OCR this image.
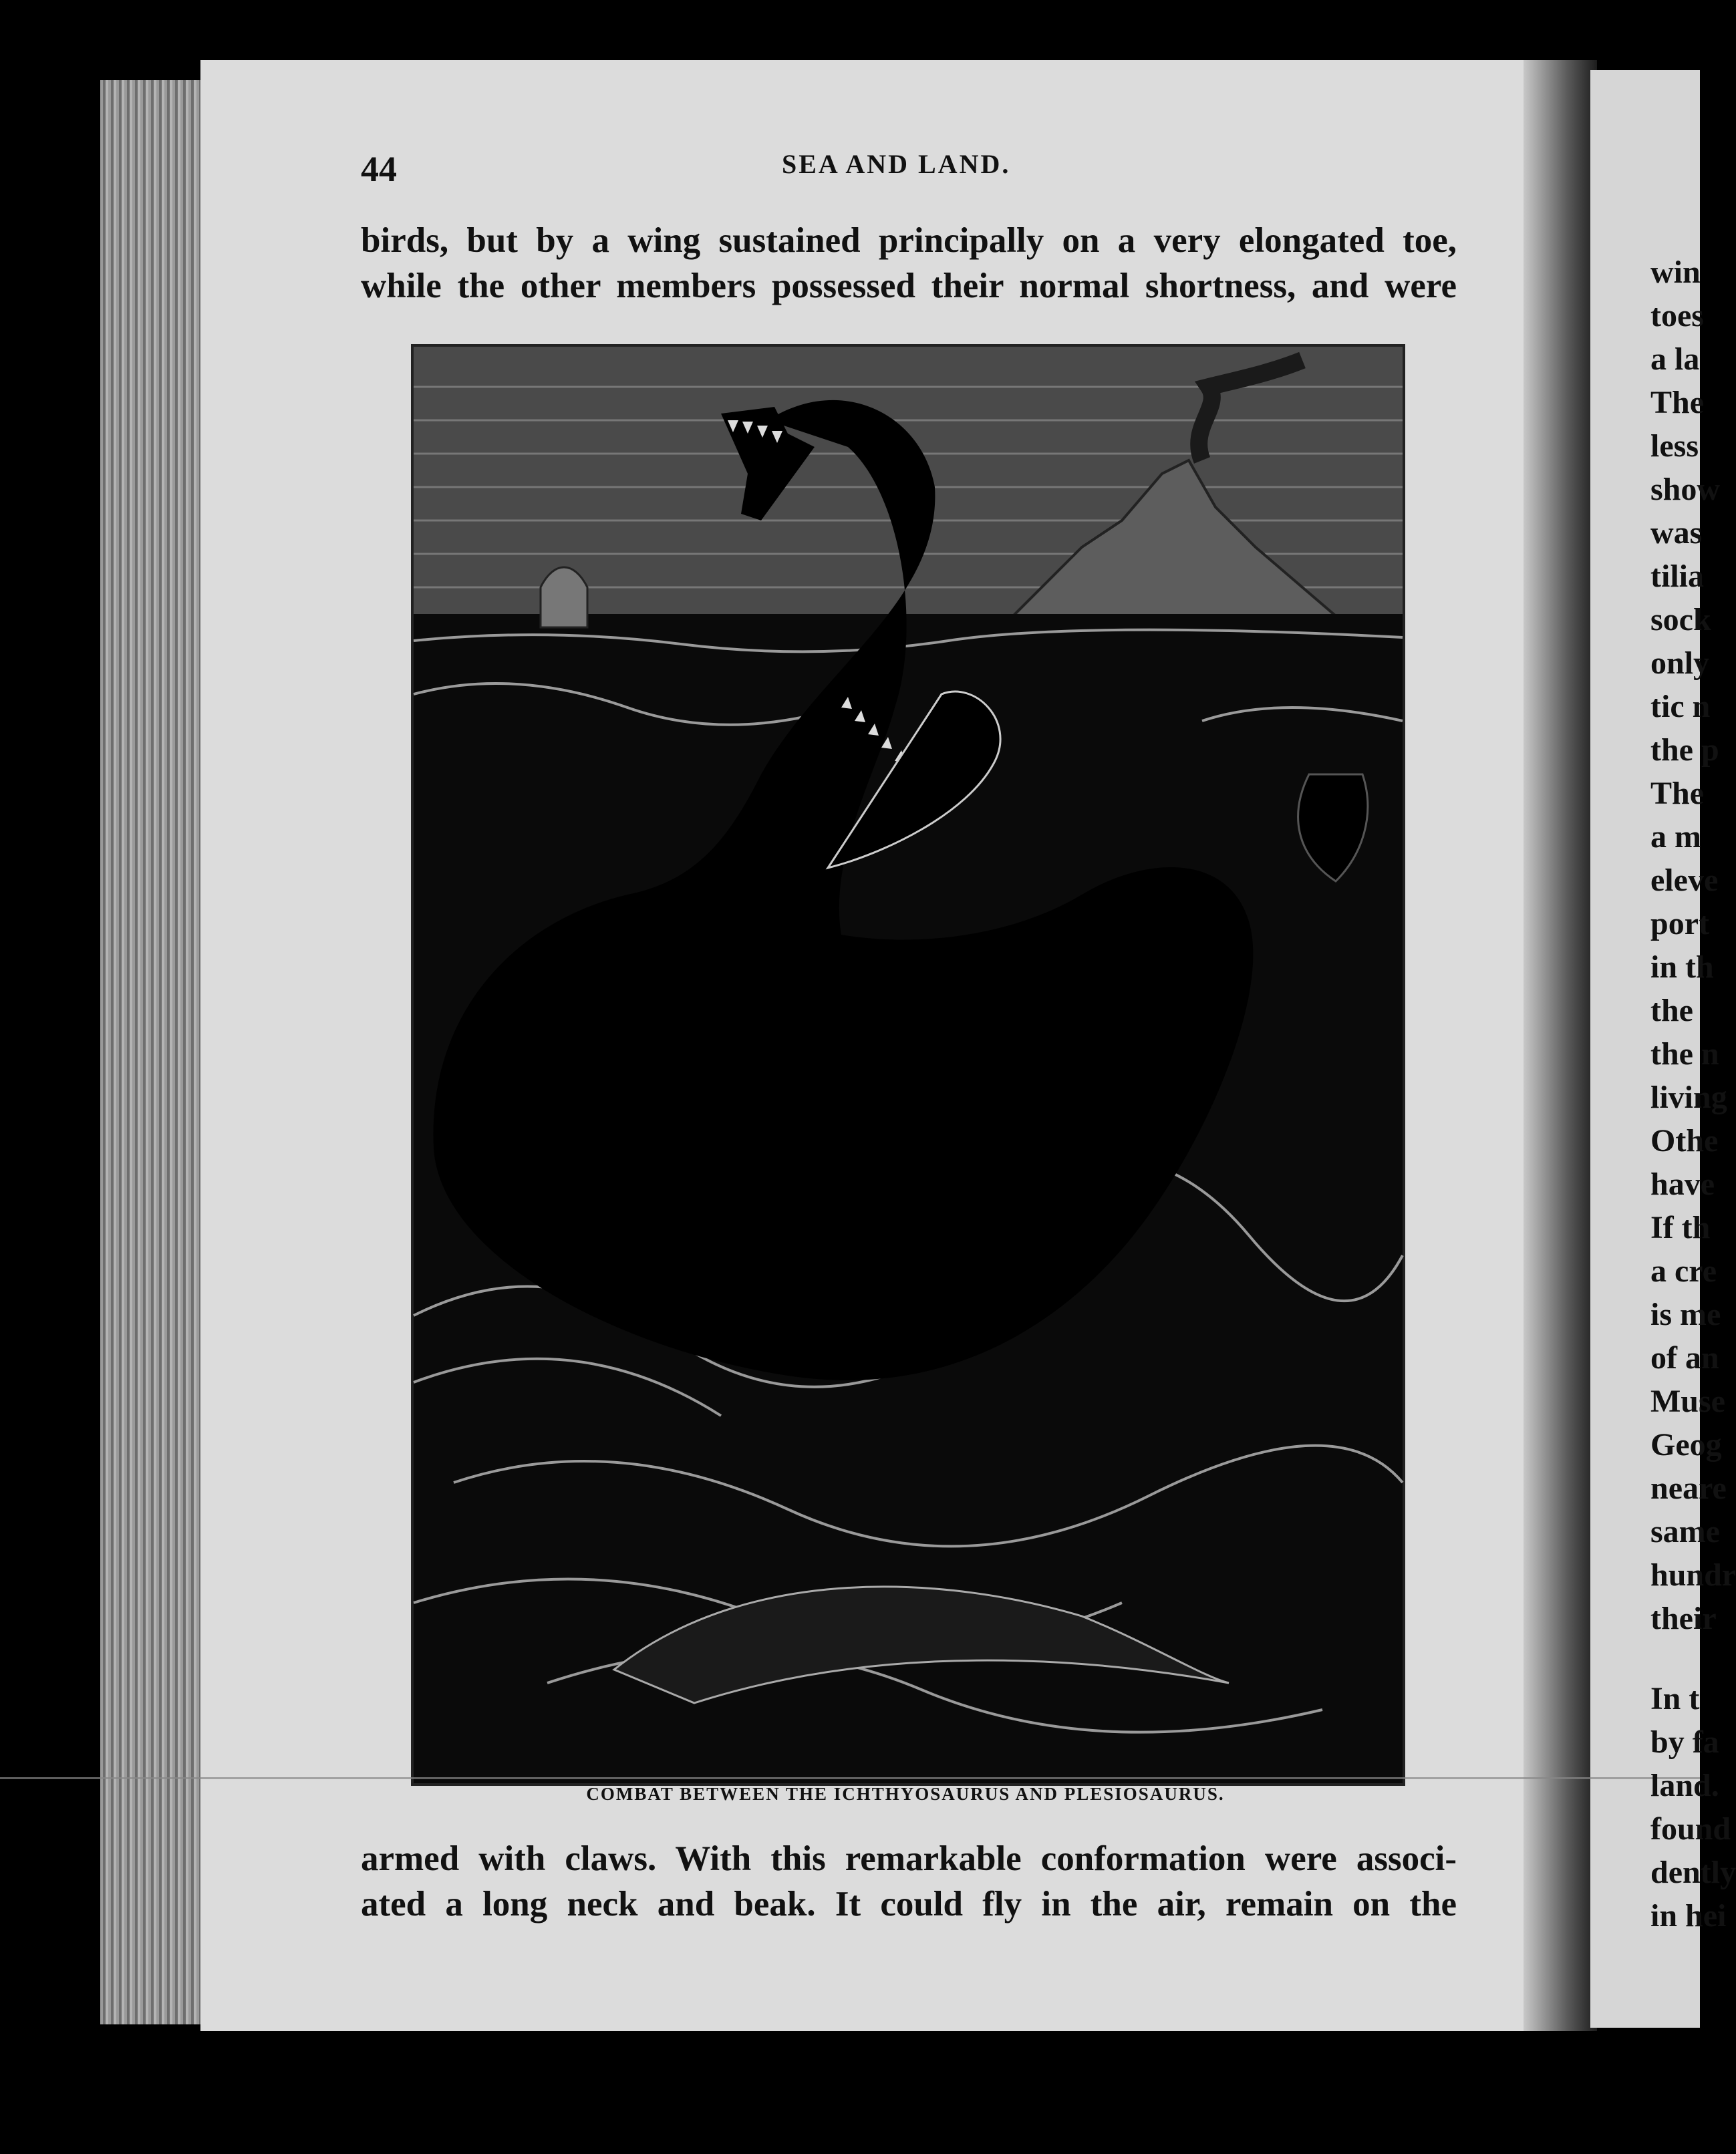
44	SEA AND LAND.
birds, but by a wing sustained principally on a very elongated toe,
while the other members possessed their normal shortness, and were
COMBAT BETWEEN THE ICHTHYOSAURUS AND PLESIOSAURUS.
armed with claws. With this remarkable conformation were associ-
ated a long neck and beak. It could fly in the air, remain on the
win
toes
a la
The
less
show
was
tilia
sock
only
tic n
the p
The
a m
eleve
port
in th
the
the n
living
Othe
have
If th
a cre
is me
of an
Muse
Geog
neare
same
hundr
their
In t
by fa
land.
found
dently
in hei
